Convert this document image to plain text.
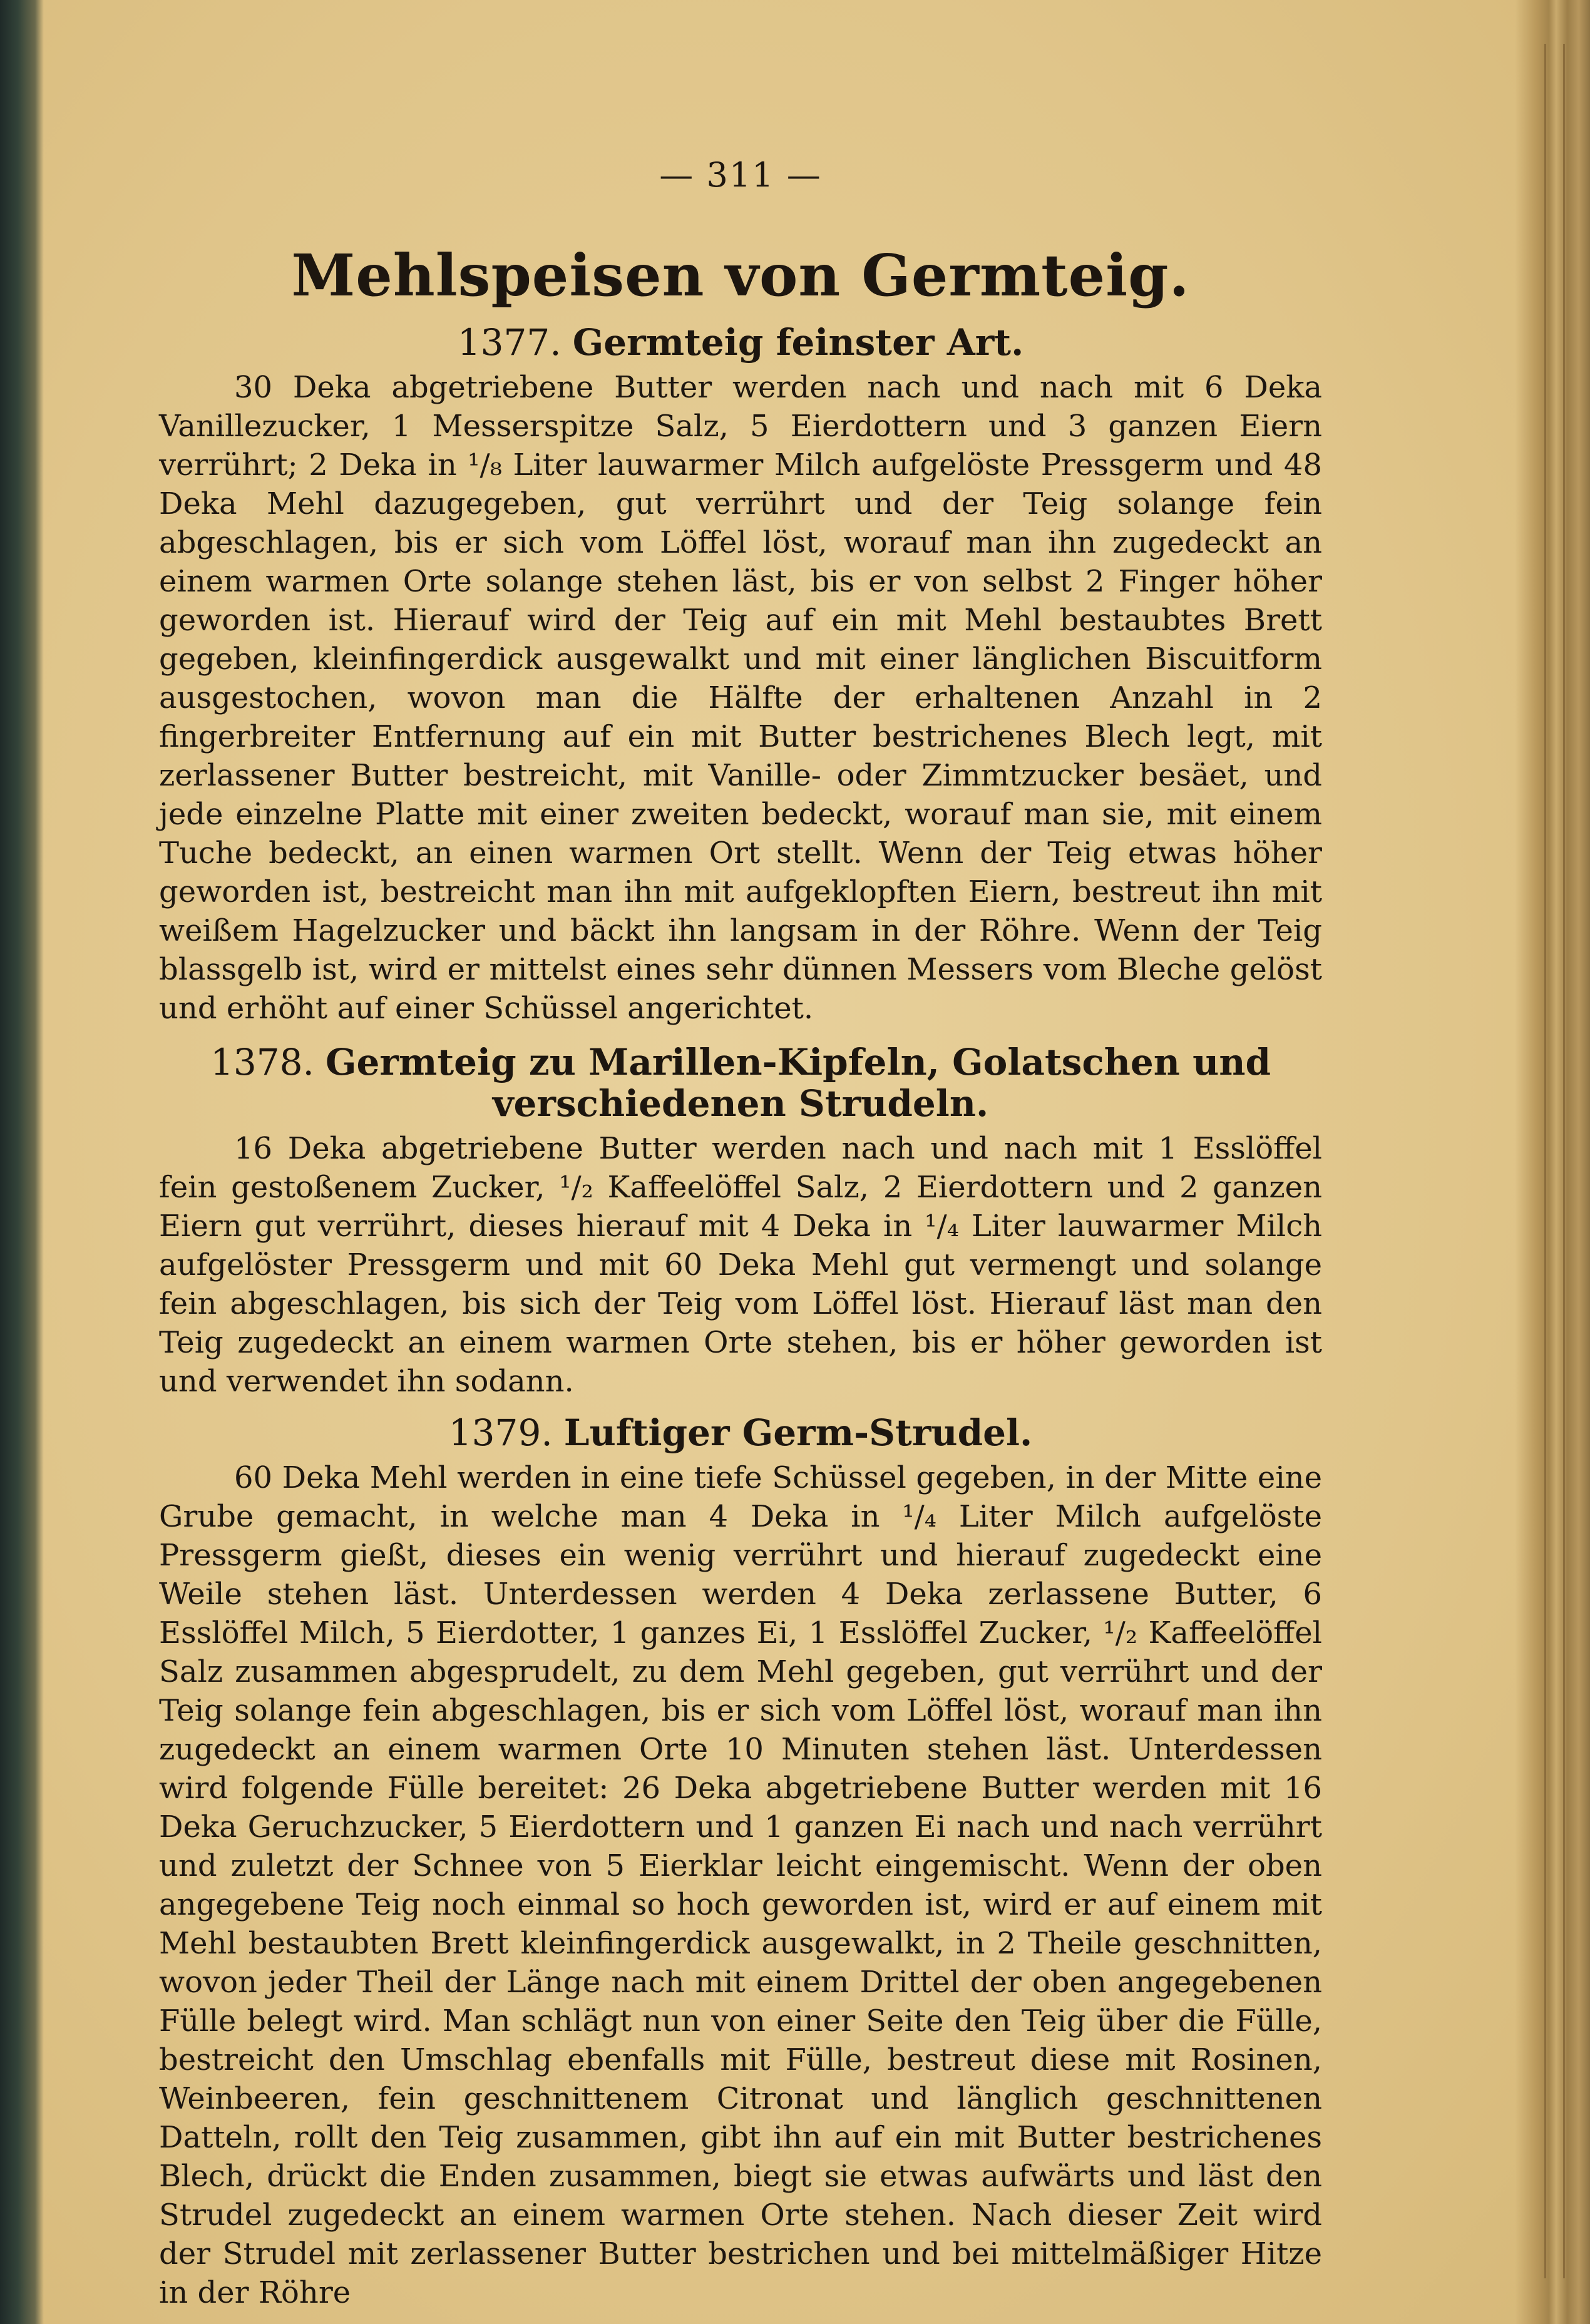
— 311 —

Mehlspeisen von Germteig.
1377. Germteig feinster Art.

30 Deka abgetriebene Butter werden nach und nach mit 6 Deka Vanillezucker, 1 Messerspitze Salz, 5 Eierdottern und 3 ganzen Eiern verrührt; 2 Deka in ¹/₈ Liter lauwarmer Milch aufgelöste Pressgerm und 48 Deka Mehl dazugegeben, gut verrührt und der Teig solange fein abgeschlagen, bis er sich vom Löffel löst, worauf man ihn zugedeckt an einem warmen Orte solange stehen läst, bis er von selbst 2 Finger höher geworden ist. Hierauf wird der Teig auf ein mit Mehl bestaubtes Brett gegeben, kleinfingerdick ausgewalkt und mit einer länglichen Biscuitform ausgestochen, wovon man die Hälfte der erhaltenen Anzahl in 2 fingerbreiter Entfernung auf ein mit Butter bestrichenes Blech legt, mit zerlassener Butter bestreicht, mit Vanille- oder Zimmtzucker besäet, und jede einzelne Platte mit einer zweiten bedeckt, worauf man sie, mit einem Tuche bedeckt, an einen warmen Ort stellt. Wenn der Teig etwas höher geworden ist, bestreicht man ihn mit aufgeklopften Eiern, bestreut ihn mit weißem Hagelzucker und bäckt ihn langsam in der Röhre. Wenn der Teig blassgelb ist, wird er mittelst eines sehr dünnen Messers vom Bleche gelöst und erhöht auf einer Schüssel angerichtet.

1378. Germteig zu Marillen-Kipfeln, Golatschen und verschiedenen Strudeln.

16 Deka abgetriebene Butter werden nach und nach mit 1 Esslöffel fein gestoßenem Zucker, ¹/₂ Kaffeelöffel Salz, 2 Eierdottern und 2 ganzen Eiern gut verrührt, dieses hierauf mit 4 Deka in ¹/₄ Liter lauwarmer Milch aufgelöster Pressgerm und mit 60 Deka Mehl gut vermengt und solange fein abgeschlagen, bis sich der Teig vom Löffel löst. Hierauf läst man den Teig zugedeckt an einem warmen Orte stehen, bis er höher geworden ist und verwendet ihn sodann.

1379. Luftiger Germ-Strudel.

60 Deka Mehl werden in eine tiefe Schüssel gegeben, in der Mitte eine Grube gemacht, in welche man 4 Deka in ¹/₄ Liter Milch aufgelöste Pressgerm gießt, dieses ein wenig verrührt und hierauf zugedeckt eine Weile stehen läst. Unterdessen werden 4 Deka zerlassene Butter, 6 Esslöffel Milch, 5 Eierdotter, 1 ganzes Ei, 1 Esslöffel Zucker, ¹/₂ Kaffeelöffel Salz zusammen abgesprudelt, zu dem Mehl gegeben, gut verrührt und der Teig solange fein abgeschlagen, bis er sich vom Löffel löst, worauf man ihn zugedeckt an einem warmen Orte 10 Minuten stehen läst. Unterdessen wird folgende Fülle bereitet: 26 Deka abgetriebene Butter werden mit 16 Deka Geruchzucker, 5 Eierdottern und 1 ganzen Ei nach und nach verrührt und zuletzt der Schnee von 5 Eierklar leicht eingemischt. Wenn der oben angegebene Teig noch einmal so hoch geworden ist, wird er auf einem mit Mehl bestaubten Brett kleinfingerdick ausgewalkt, in 2 Theile geschnitten, wovon jeder Theil der Länge nach mit einem Drittel der oben angegebenen Fülle belegt wird. Man schlägt nun von einer Seite den Teig über die Fülle, bestreicht den Umschlag ebenfalls mit Fülle, bestreut diese mit Rosinen, Weinbeeren, fein geschnittenem Citronat und länglich geschnittenen Datteln, rollt den Teig zusammen, gibt ihn auf ein mit Butter bestrichenes Blech, drückt die Enden zusammen, biegt sie etwas aufwärts und läst den Strudel zugedeckt an einem warmen Orte stehen. Nach dieser Zeit wird der Strudel mit zerlassener Butter bestrichen und bei mittelmäßiger Hitze in der Röhre
